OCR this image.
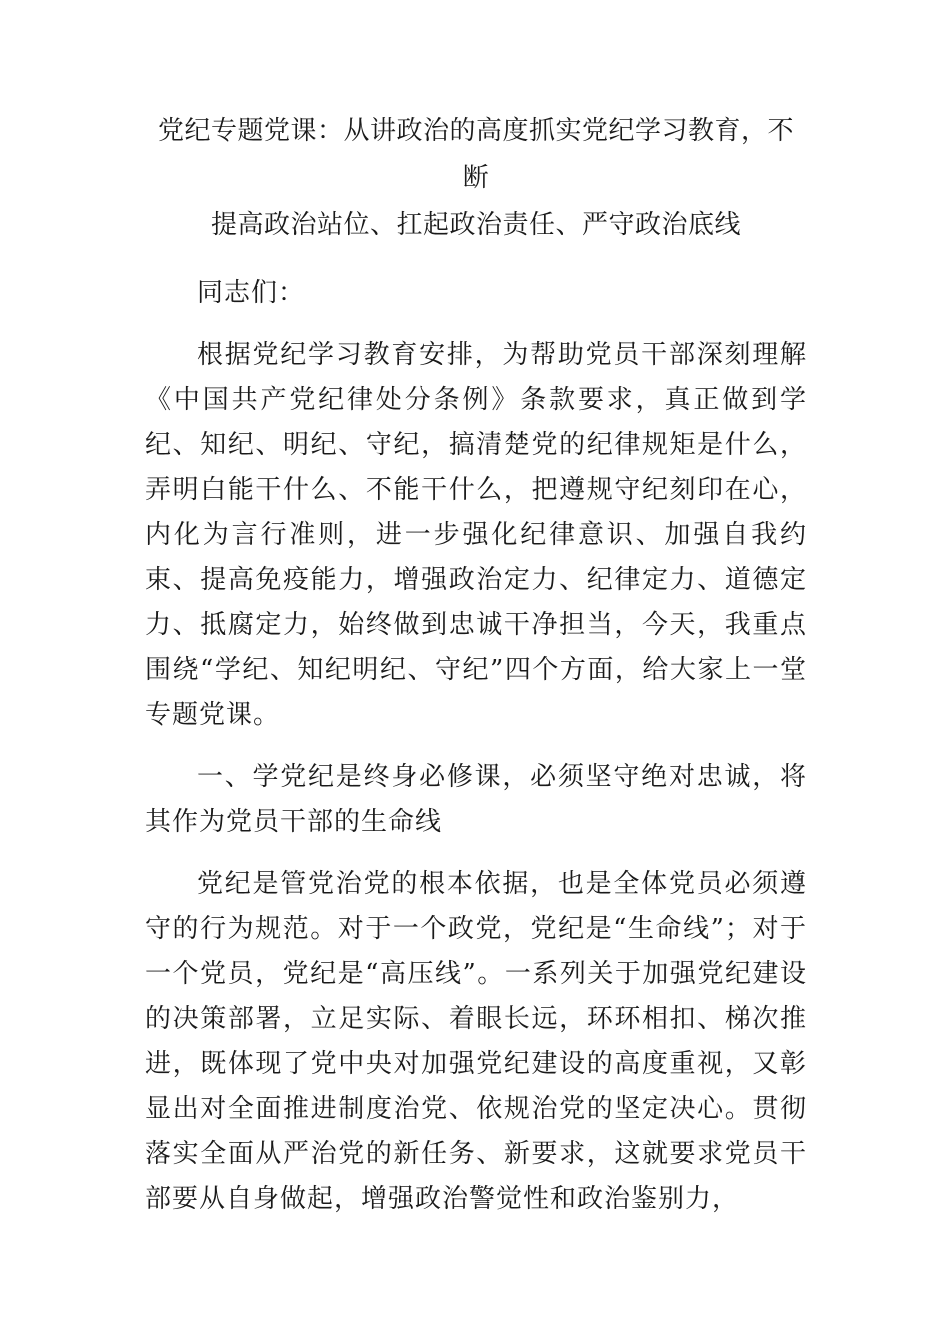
党纪专题党课：从讲政治的高度抓实党纪学习教育，不断
提高政治站位、扛起政治责任、严守政治底线

同志们：

根据党纪学习教育安排，为帮助党员干部深刻理解《中国共产党纪律处分条例》条款要求，真正做到学纪、知纪、明纪、守纪，搞清楚党的纪律规矩是什么，弄明白能干什么、不能干什么，把遵规守纪刻印在心，内化为言行准则，进一步强化纪律意识、加强自我约束、提高免疫能力，增强政治定力、纪律定力、道德定力、抵腐定力，始终做到忠诚干净担当，今天，我重点围绕“学纪、知纪明纪、守纪”四个方面，给大家上一堂专题党课。

一、学党纪是终身必修课，必须坚守绝对忠诚，将其作为党员干部的生命线

党纪是管党治党的根本依据，也是全体党员必须遵守的行为规范。对于一个政党，党纪是“生命线”；对于一个党员，党纪是“高压线”。一系列关于加强党纪建设的决策部署，立足实际、着眼长远，环环相扣、梯次推进，既体现了党中央对加强党纪建设的高度重视，又彰显出对全面推进制度治党、依规治党的坚定决心。贯彻落实全面从严治党的新任务、新要求，这就要求党员干部要从自身做起，增强政治警觉性和政治鉴别力，
